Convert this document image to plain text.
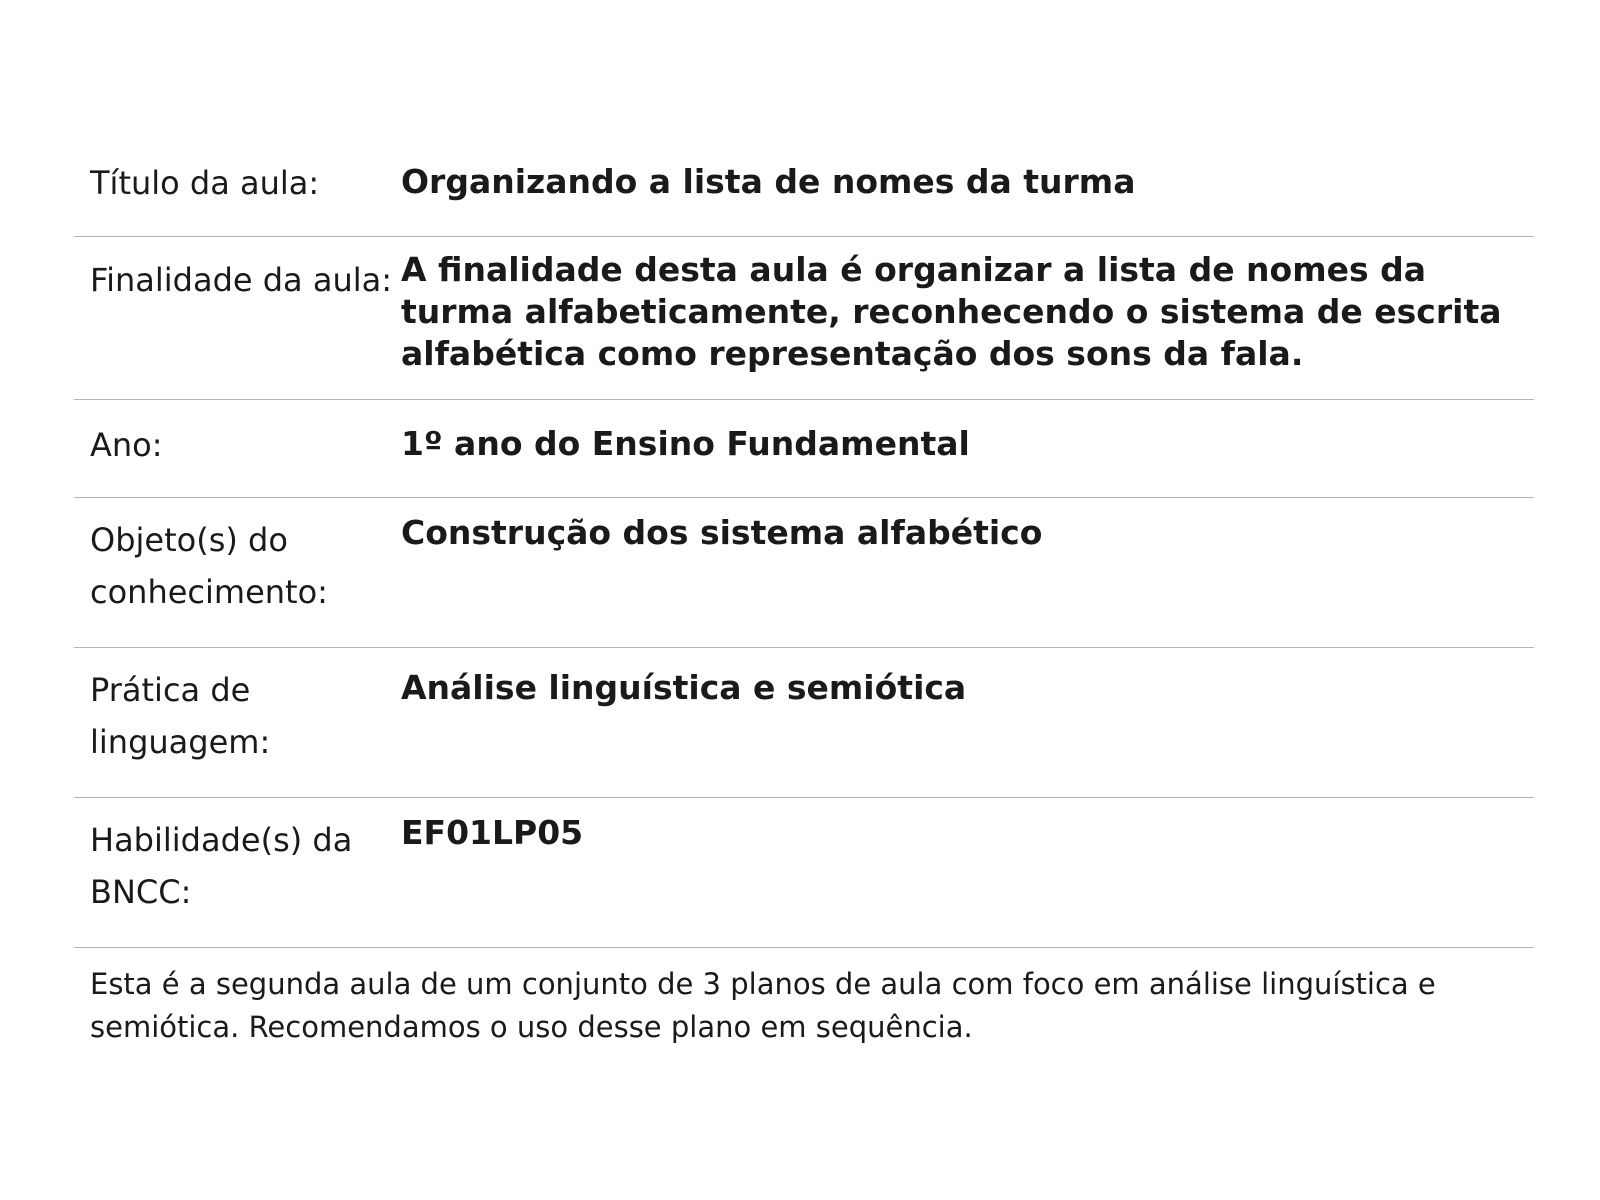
Título da aula:	Organizando a lista de nomes da turma
Finalidade da aula: A finalidade desta aula é organizar a lista de nomes da turma alfabeticamente, reconhecendo o sistema de escrita alfabética como representação dos sons da fala.
Ano:	1º ano do Ensino Fundamental
Objeto(s) do conhecimento:
Construção dos sistema alfabético
Prática de linguagem:
Análise linguística e semiótica
Habilidade(s) da BNCC:
EF01LP05
Esta é a segunda aula de um conjunto de 3 planos de aula com foco em análise linguística e semiótica. Recomendamos o uso desse plano em sequência.
